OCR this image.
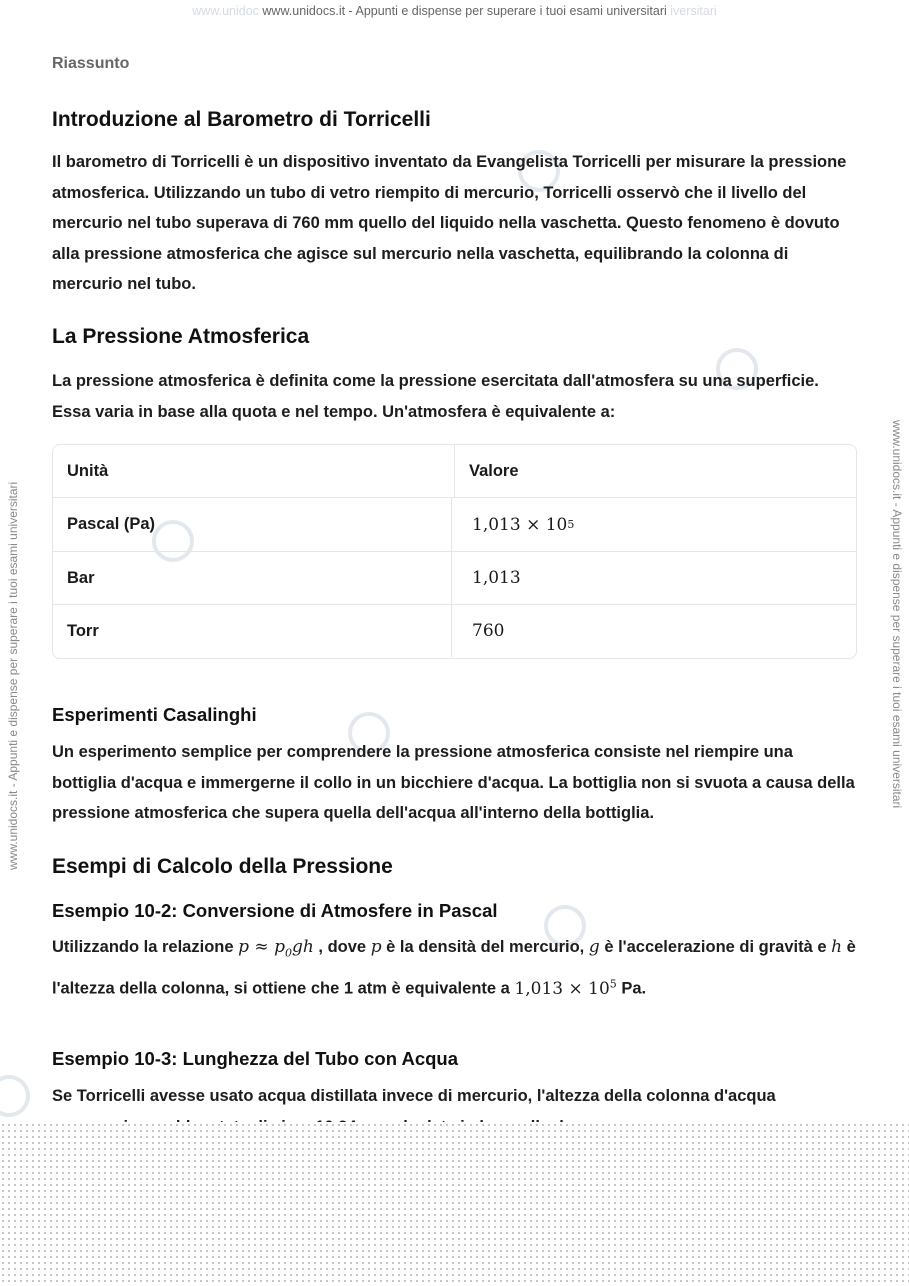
www.unidoc www.unidocs.it - Appunti e dispense per superare i tuoi esami universitari iversitari
www.unidocs.it - Appunti e dispense per superare i tuoi esami universitari	www.unidocs.it - Appunti e dispense per superare i tuoi esami universitari
Riassunto
Introduzione al Barometro di Torricelli

Il barometro di Torricelli è un dispositivo inventato da Evangelista Torricelli per misurare la pressione atmosferica. Utilizzando un tubo di vetro riempito di mercurio, Torricelli osservò che il livello del mercurio nel tubo superava di 760 mm quello del liquido nella vaschetta. Questo fenomeno è dovuto alla pressione atmosferica che agisce sul mercurio nella vaschetta, equilibrando la colonna di mercurio nel tubo.

La Pressione Atmosferica

La pressione atmosferica è definita come la pressione esercitata dall'atmosfera su una superficie. Essa varia in base alla quota e nel tempo. Un'atmosfera è equivalente a:

Unità	Valore
Pascal (Pa)	1,013 × 10 5
Bar	1,013
Torr	760
Esperimenti Casalinghi

Un esperimento semplice per comprendere la pressione atmosferica consiste nel riempire una bottiglia d'acqua e immergerne il collo in un bicchiere d'acqua. La bottiglia non si svuota a causa della pressione atmosferica che supera quella dell'acqua all'interno della bottiglia.

Esempi di Calcolo della Pressione
Esempio 10-2: Conversione di Atmosfere in Pascal

Utilizzando la relazione $p \approx p_0gh$ , dove p è la densità del mercurio, g è l'accelerazione di gravità e h è l'altezza della colonna, si ottiene che 1 atm è equivalente a $1,013 \times 10^5$ Pa.

Esempio 10-3: Lunghezza del Tubo con Acqua

Se Torricelli avesse usato acqua distillata invece di mercurio, l'altezza della colonna d'acqua
